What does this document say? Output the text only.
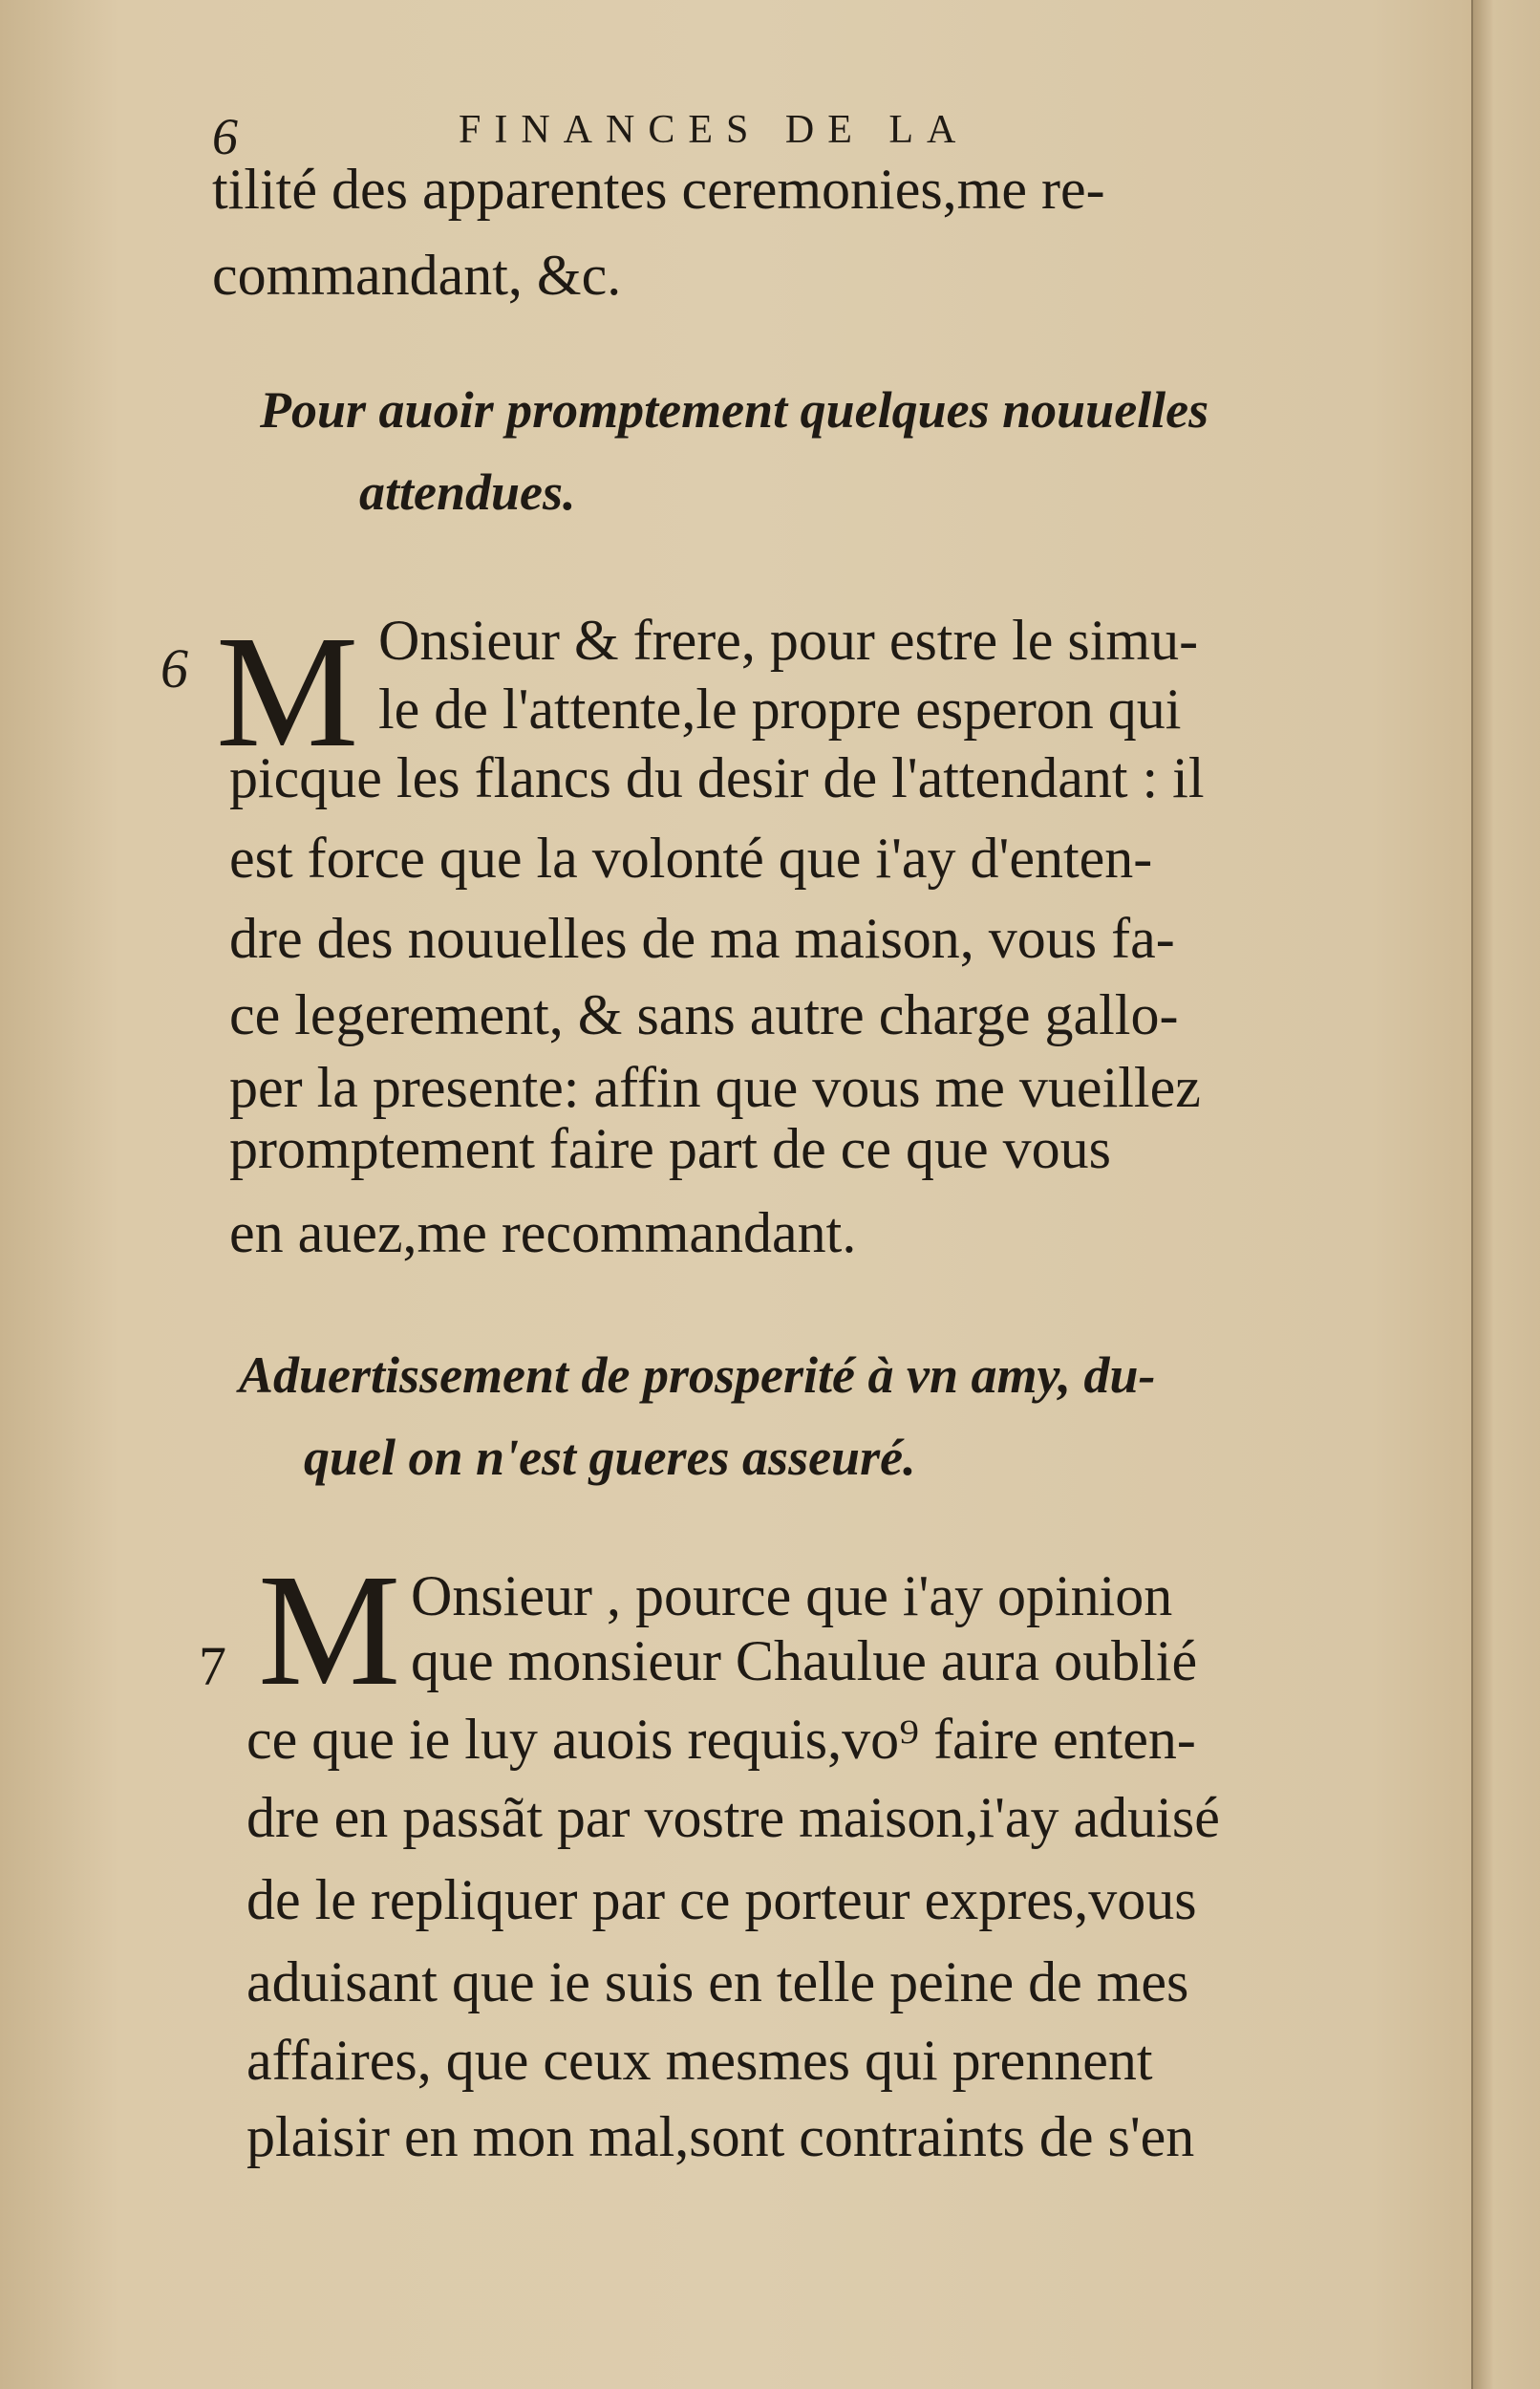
6	FINANCES DE LA
tilité des apparentes ceremonies,me re-
commandant, &c.
Pour auoir promptement quelques nouuelles
attendues.
6 M Onsieur & frere, pour estre le simu-
le de l'attente,le propre esperon qui
picque les flancs du desir de l'attendant : il
est force que la volonté que i'ay d'enten-
dre des nouuelles de ma maison, vous fa-
ce legerement, & sans autre charge gallo-
per la presente: affin que vous me vueillez
promptement faire part de ce que vous
en auez,me recommandant.
Aduertissement de prosperité à vn amy, du-
quel on n'est gueres asseuré.
7 M Onsieur , pource que i'ay opinion
que monsieur Chaulue aura oublié
ce que ie luy auois requis,vo⁹ faire enten-
dre en passãt par vostre maison,i'ay aduisé
de le repliquer par ce porteur expres,vous
aduisant que ie suis en telle peine de mes
affaires, que ceux mesmes qui prennent
plaisir en mon mal,sont contraints de s'en
